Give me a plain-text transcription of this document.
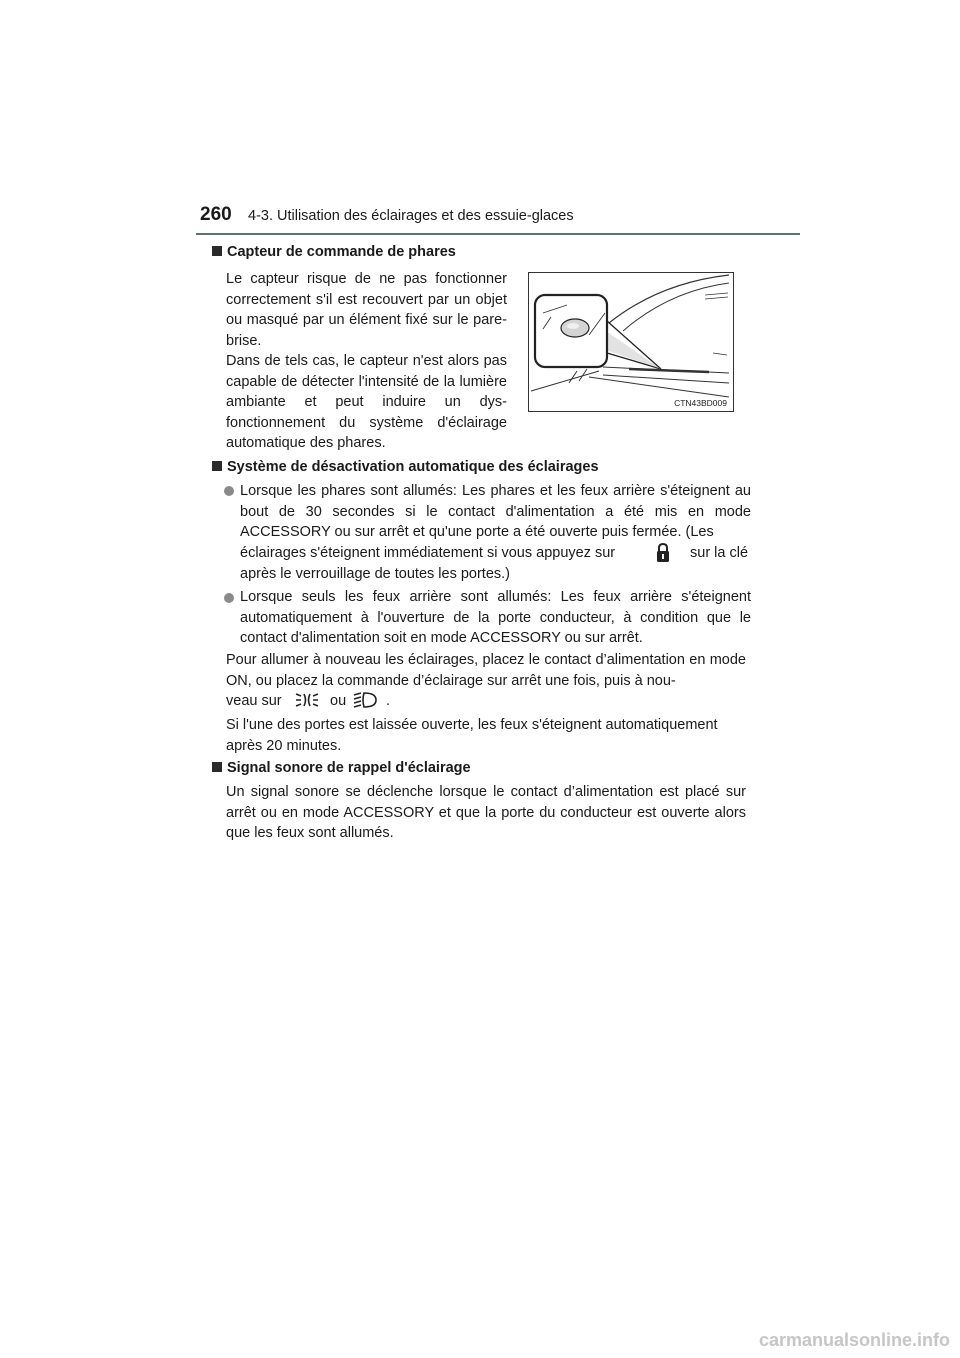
260 4-3. Utilisation des éclairages et des essuie-glaces
Capteur de commande de phares
Le capteur risque de ne pas fonctionner correctement s'il est recouvert par un objet ou masqué par un élément fixé sur le pare-brise.
Dans de tels cas, le capteur n'est alors pas capable de détecter l'intensité de la lumière ambiante et peut induire un dys-fonctionnement du système d'éclairage automatique des phares.
CTN43BD009
Système de désactivation automatique des éclairages
Lorsque les phares sont allumés: Les phares et les feux arrière s'éteignent au bout de 30 secondes si le contact d'alimentation a été mis en mode ACCESSORY ou sur arrêt et qu'une porte a été ouverte puis fermée. (Les
éclairages s'éteignent immédiatement si vous appuyez sur	sur la clé
après le verrouillage de toutes les portes.)
Lorsque seuls les feux arrière sont allumés: Les feux arrière s'éteignent automatiquement à l'ouverture de la porte conducteur, à condition que le contact d'alimentation soit en mode ACCESSORY ou sur arrêt.
Pour allumer à nouveau les éclairages, placez le contact d’alimentation en mode ON, ou placez la commande d’éclairage sur arrêt une fois, puis à nou-
veau sur	ou	.
Si l'une des portes est laissée ouverte, les feux s'éteignent automatiquement après 20 minutes.
Signal sonore de rappel d'éclairage
Un signal sonore se déclenche lorsque le contact d’alimentation est placé sur arrêt ou en mode ACCESSORY et que la porte du conducteur est ouverte alors que les feux sont allumés.
carmanualsonline.info
